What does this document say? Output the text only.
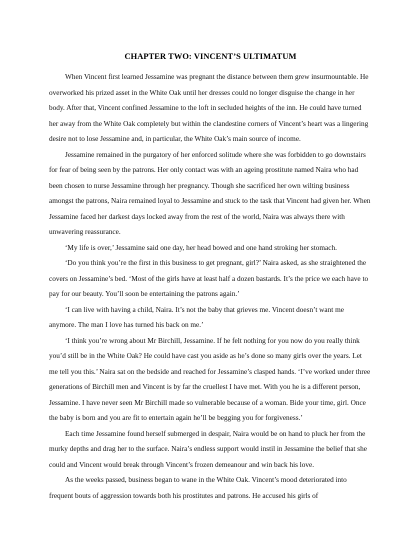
CHAPTER TWO: VINCENT’S ULTIMATUM

When Vincent first learned Jessamine was pregnant the distance between them grew insurmountable. He overworked his prized asset in the White Oak until her dresses could no longer disguise the change in her body. After that, Vincent confined Jessamine to the loft in secluded heights of the inn. He could have turned her away from the White Oak completely but within the clandestine corners of Vincent’s heart was a lingering desire not to lose Jessamine and, in particular, the White Oak’s main source of income.

Jessamine remained in the purgatory of her enforced solitude where she was forbidden to go downstairs for fear of being seen by the patrons. Her only contact was with an ageing prostitute named Naira who had been chosen to nurse Jessamine through her pregnancy. Though she sacrificed her own wilting business amongst the patrons, Naira remained loyal to Jessamine and stuck to the task that Vincent had given her. When Jessamine faced her darkest days locked away from the rest of the world, Naira was always there with unwavering reassurance.

‘My life is over,’ Jessamine said one day, her head bowed and one hand stroking her stomach.

‘Do you think you’re the first in this business to get pregnant, girl?’ Naira asked, as she straightened the covers on Jessamine’s bed. ‘Most of the girls have at least half a dozen bastards. It’s the price we each have to pay for our beauty. You’ll soon be entertaining the patrons again.’

‘I can live with having a child, Naira. It’s not the baby that grieves me. Vincent doesn’t want me anymore. The man I love has turned his back on me.’

‘I think you’re wrong about Mr Birchill, Jessamine. If he felt nothing for you now do you really think you’d still be in the White Oak? He could have cast you aside as he’s done so many girls over the years. Let me tell you this.’ Naira sat on the bedside and reached for Jessamine’s clasped hands. ‘I’ve worked under three generations of Birchill men and Vincent is by far the cruellest I have met. With you he is a different person, Jessamine. I have never seen Mr Birchill made so vulnerable because of a woman. Bide your time, girl. Once the baby is born and you are fit to entertain again he’ll be begging you for forgiveness.’

Each time Jessamine found herself submerged in despair, Naira would be on hand to pluck her from the murky depths and drag her to the surface. Naira’s endless support would instil in Jessamine the belief that she could and Vincent would break through Vincent’s frozen demeanour and win back his love.

As the weeks passed, business began to wane in the White Oak. Vincent’s mood deteriorated into frequent bouts of aggression towards both his prostitutes and patrons. He accused his girls of
